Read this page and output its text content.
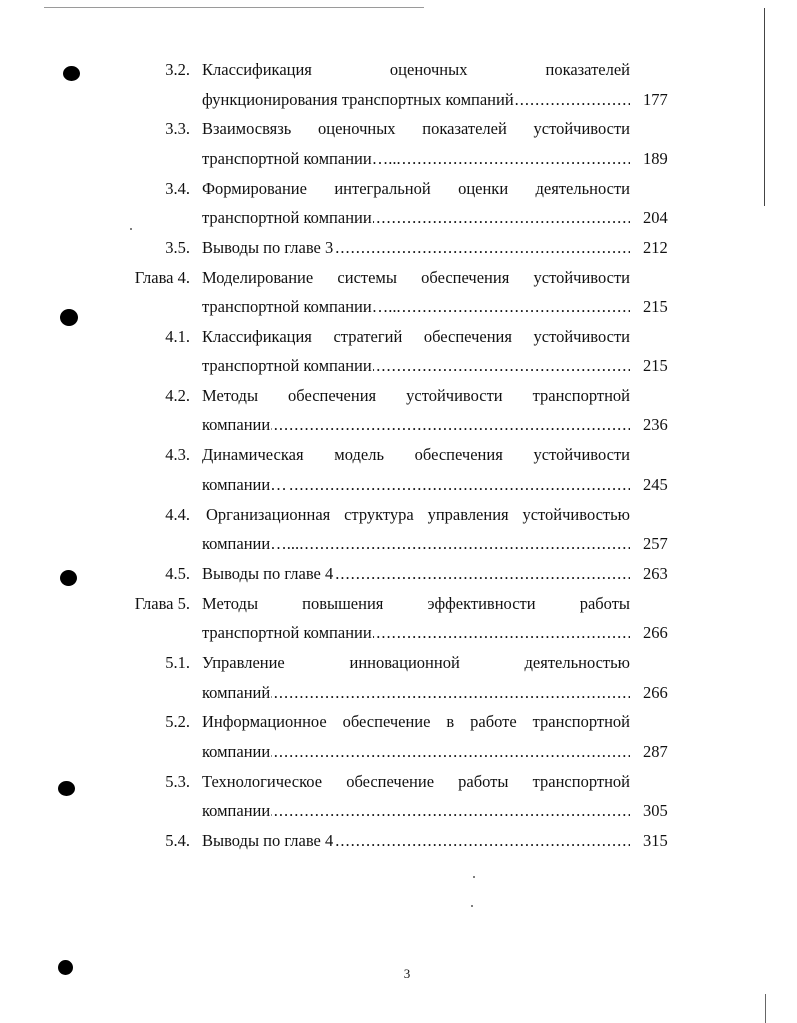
3.2. Классификация оценочных показателей
функционирования транспортных компаний .....	177
3.3. Взаимосвязь оценочных показателей устойчивости
транспортной компании…... .....	189
3.4. Формирование интегральной оценки деятельности
транспортной компании .....	204
3.5. Выводы по главе 3 .....	212
Глава 4. Моделирование системы обеспечения устойчивости
транспортной компании…... .....	215
4.1. Классификация стратегий обеспечения устойчивости
транспортной компании .....	215
4.2. Методы обеспечения устойчивости транспортной
компании .....	236
4.3. Динамическая модель обеспечения устойчивости
компании… .....	245
4.4. Организационная структура управления устойчивостью
компании…... .....	257
4.5. Выводы по главе 4 .....	263
Глава 5. Методы повышения эффективности работы
транспортной компании .....	266
5.1. Управление инновационной деятельностью
компаний .....	266
5.2. Информационное обеспечение в работе транспортной
компании .....	287
5.3. Технологическое обеспечение работы транспортной
компании .....	305
5.4. Выводы по главе 4 .....	315
3
